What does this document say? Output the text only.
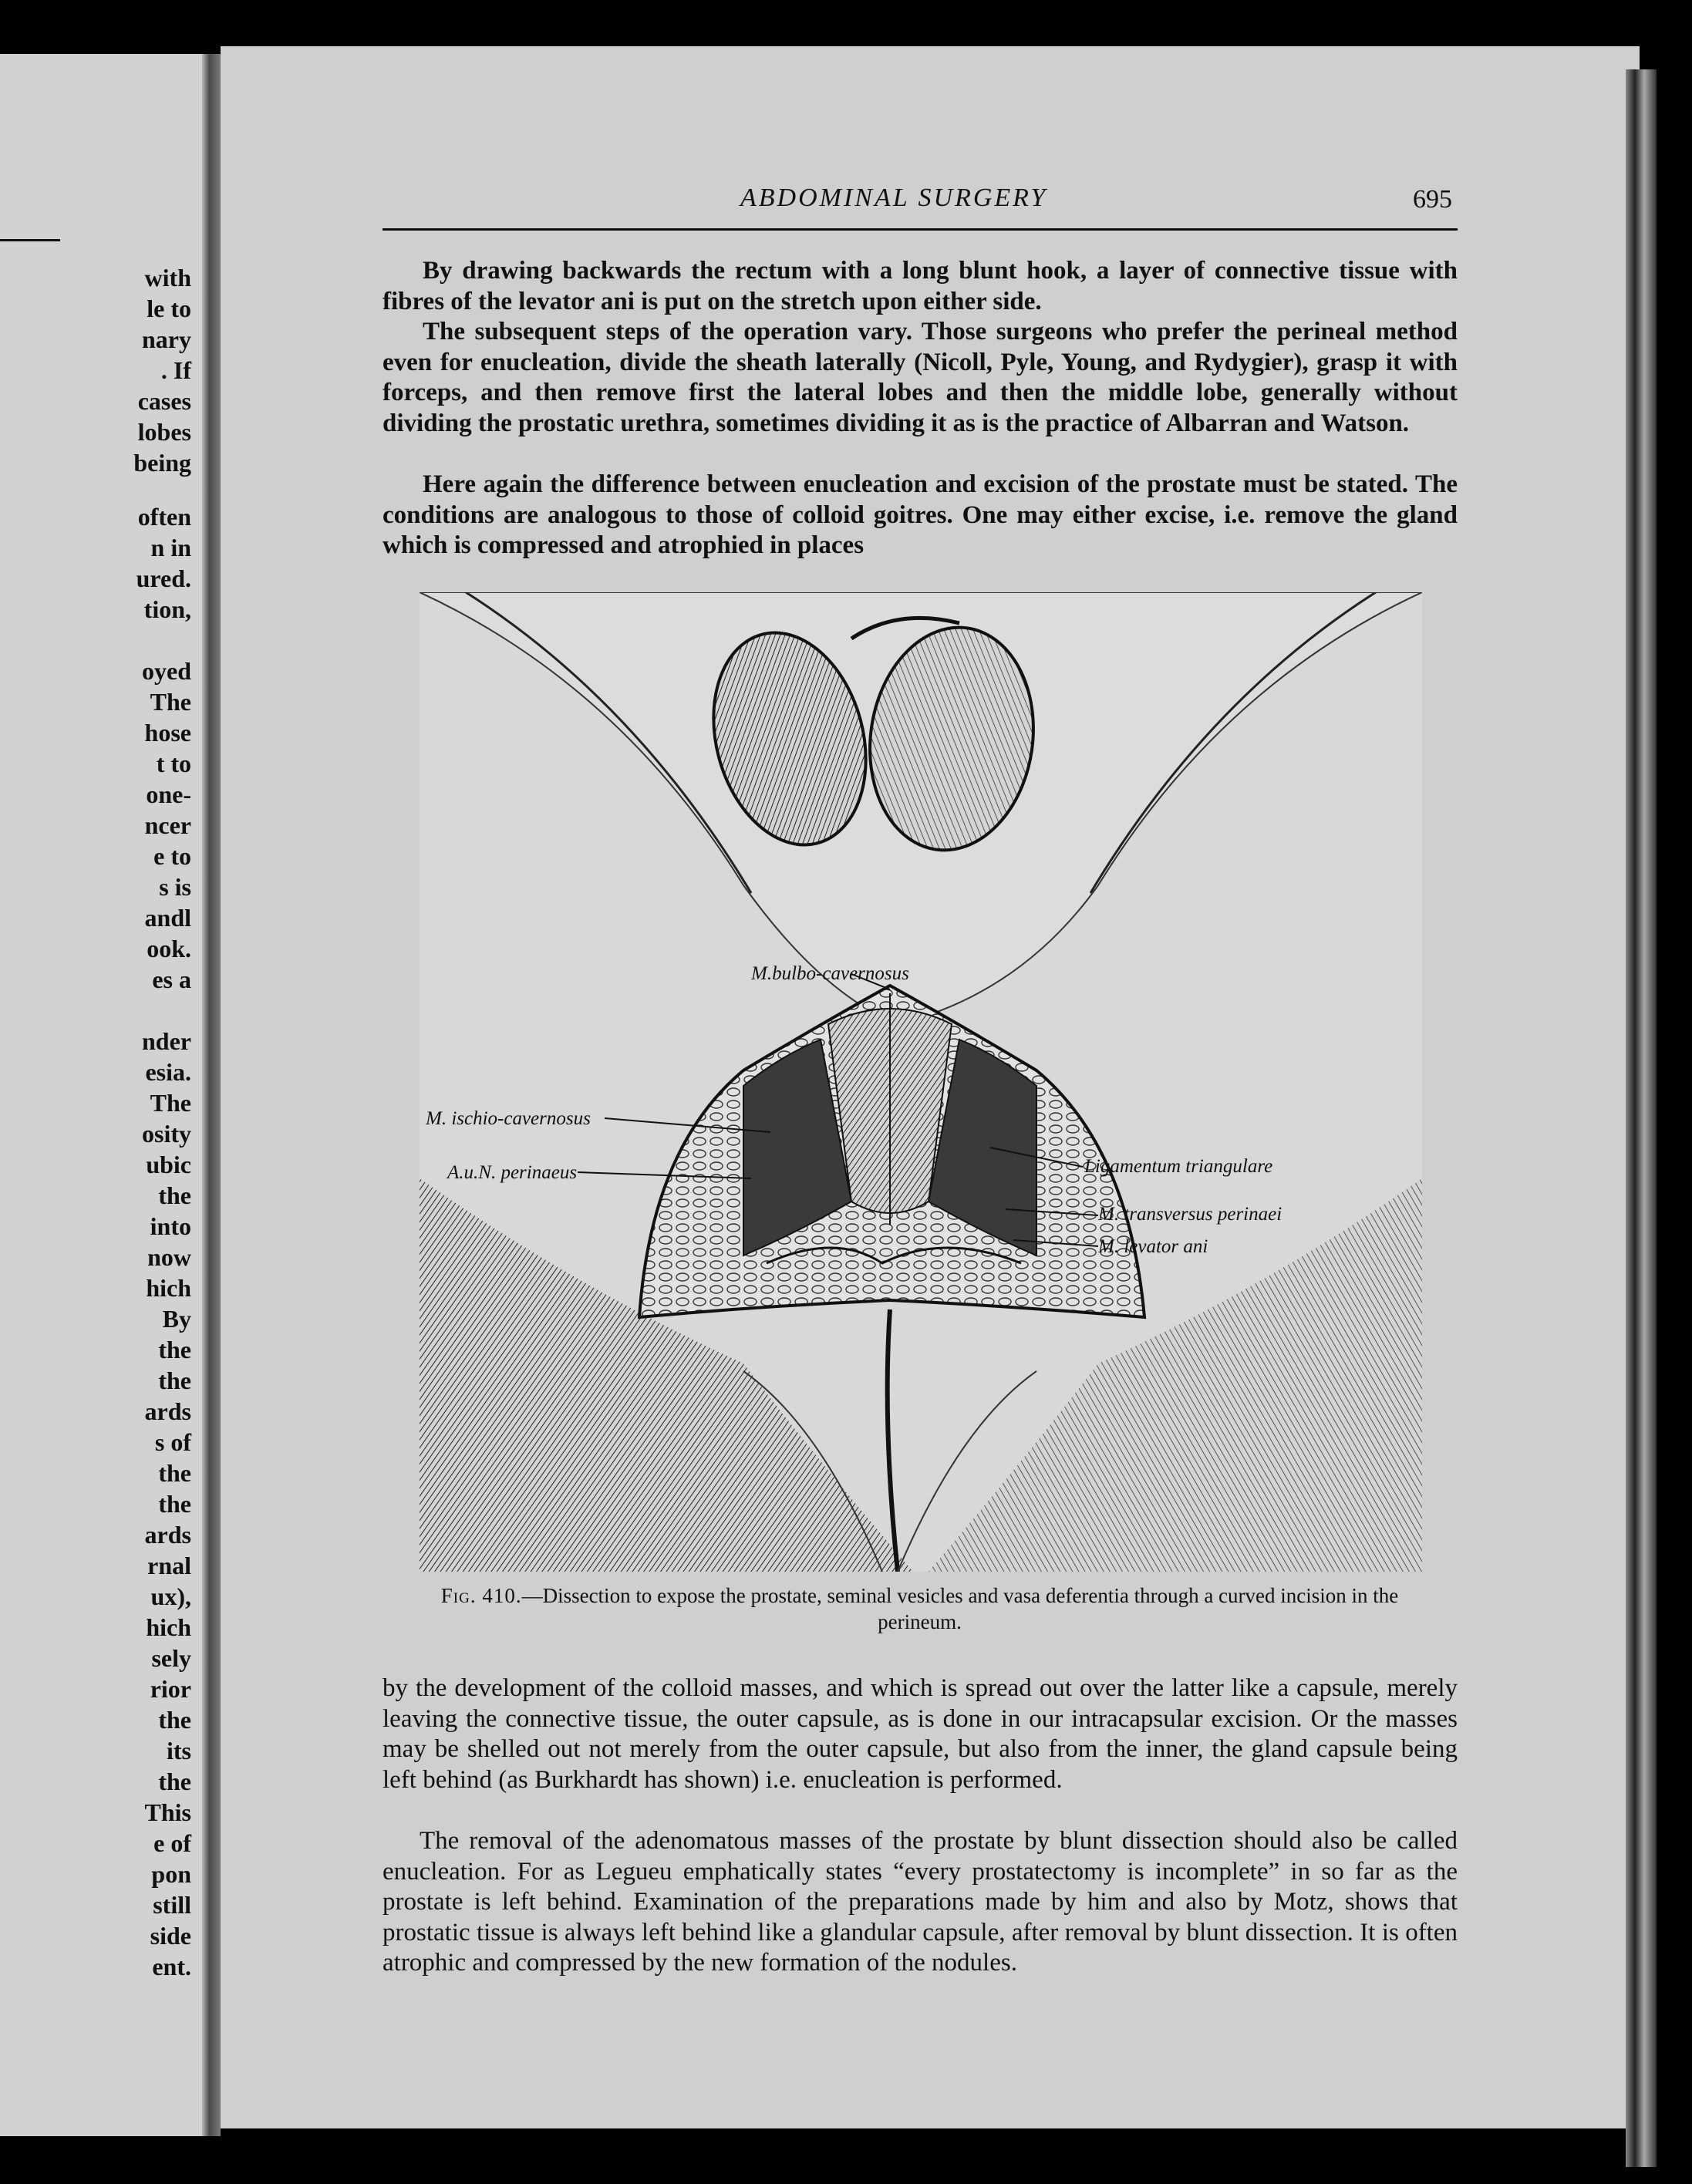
with
le to
nary
. If
cases
lobes
being
often
n in
ured.
tion,
oyed
The
hose
t to
one-
ncer
e to
s is
andl
ook.
es a
nder
esia.
The
osity
ubic
the
into
now
hich
By
the
the
ards
s of
the
the
ards
rnal
ux),
hich
sely
rior
the
its
the
This
e of
pon
still
side
ent.
ABDOMINAL SURGERY	695

By drawing backwards the rectum with a long blunt hook, a layer of connective tissue with fibres of the levator ani is put on the stretch upon either side.

The subsequent steps of the operation vary. Those surgeons who prefer the perineal method even for enucleation, divide the sheath laterally (Nicoll, Pyle, Young, and Rydygier), grasp it with forceps, and then remove first the lateral lobes and then the middle lobe, generally without dividing the prostatic urethra, sometimes dividing it as is the practice of Albarran and Watson.

Here again the difference between enucleation and excision of the prostate must be stated. The conditions are analogous to those of colloid goitres. One may either excise, i.e. remove the gland which is compressed and atrophied in places

M.bulbo-cavernosus
M. ischio-cavernosus
A.u.N. perinaeus	Ligamentum triangulare
M. transversus perinaei
M. levator ani
Fig. 410.—Dissection to expose the prostate, seminal vesicles and vasa deferentia through a curved incision in the perineum.

by the development of the colloid masses, and which is spread out over the latter like a capsule, merely leaving the connective tissue, the outer capsule, as is done in our intracapsular excision. Or the masses may be shelled out not merely from the outer capsule, but also from the inner, the gland capsule being left behind (as Burkhardt has shown) i.e. enucleation is performed.

The removal of the adenomatous masses of the prostate by blunt dissection should also be called enucleation. For as Legueu emphatically states “every prostatectomy is incomplete” in so far as the prostate is left behind. Examination of the preparations made by him and also by Motz, shows that prostatic tissue is always left behind like a glandular capsule, after removal by blunt dissection. It is often atrophic and compressed by the new formation of the nodules.
